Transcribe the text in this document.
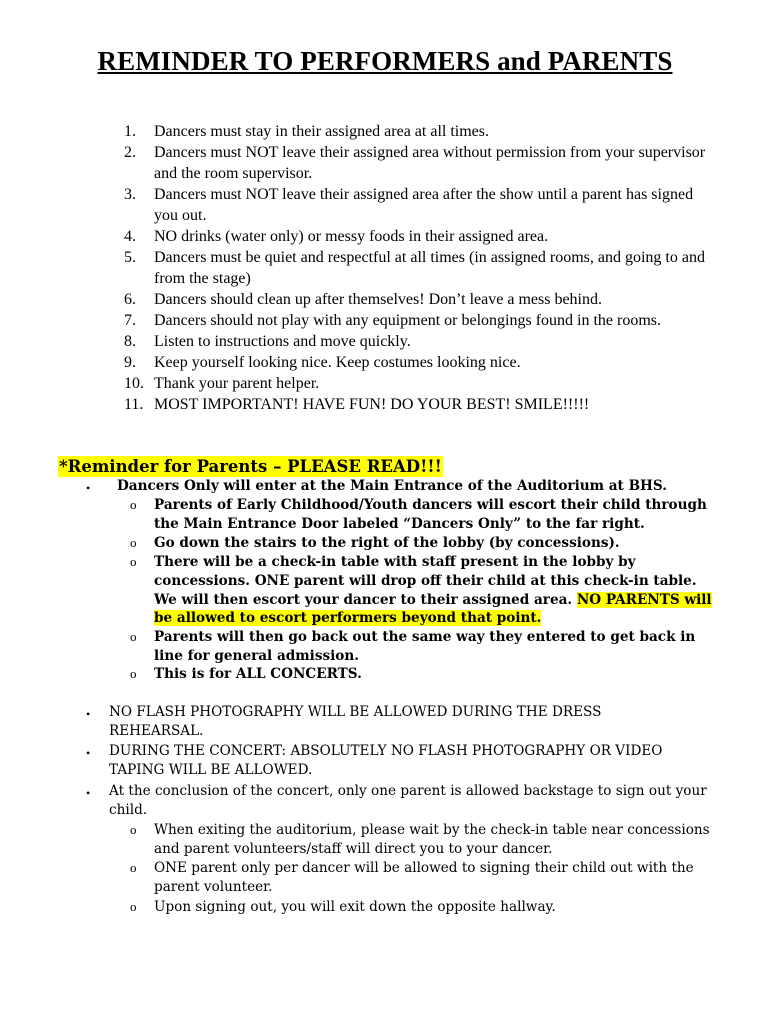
REMINDER TO PERFORMERS and PARENTS
1.	Dancers must stay in their assigned area at all times.
2.	Dancers must NOT leave their assigned area without permission from your supervisor and the room supervisor.
3.	Dancers must NOT leave their assigned area after the show until a parent has signed you out.
4.	NO drinks (water only) or messy foods in their assigned area.
5.	Dancers must be quiet and respectful at all times (in assigned rooms, and going to and from the stage)
6.	Dancers should clean up after themselves! Don’t leave a mess behind.
7.	Dancers should not play with any equipment or belongings found in the rooms.
8.	Listen to instructions and move quickly.
9.	Keep yourself looking nice. Keep costumes looking nice.
10. Thank your parent helper.
11. MOST IMPORTANT! HAVE FUN! DO YOUR BEST! SMILE!!!!!
*Reminder for Parents – PLEASE READ!!!
• Dancers Only will enter at the Main Entrance of the Auditorium at BHS.
o Parents of Early Childhood/Youth dancers will escort their child through the Main Entrance Door labeled “Dancers Only” to the far right.
o Go down the stairs to the right of the lobby (by concessions).
o There will be a check-in table with staff present in the lobby by concessions. ONE parent will drop off their child at this check-in table. We will then escort your dancer to their assigned area. NO PARENTS will be allowed to escort performers beyond that point.
o Parents will then go back out the same way they entered to get back in line for general admission.
o This is for ALL CONCERTS.
• NO FLASH PHOTOGRAPHY WILL BE ALLOWED DURING THE DRESS REHEARSAL.
• DURING THE CONCERT: ABSOLUTELY NO FLASH PHOTOGRAPHY OR VIDEO TAPING WILL BE ALLOWED.
• At the conclusion of the concert, only one parent is allowed backstage to sign out your child.
o When exiting the auditorium, please wait by the check-in table near concessions and parent volunteers/staff will direct you to your dancer.
o ONE parent only per dancer will be allowed to signing their child out with the parent volunteer.
o Upon signing out, you will exit down the opposite hallway.
